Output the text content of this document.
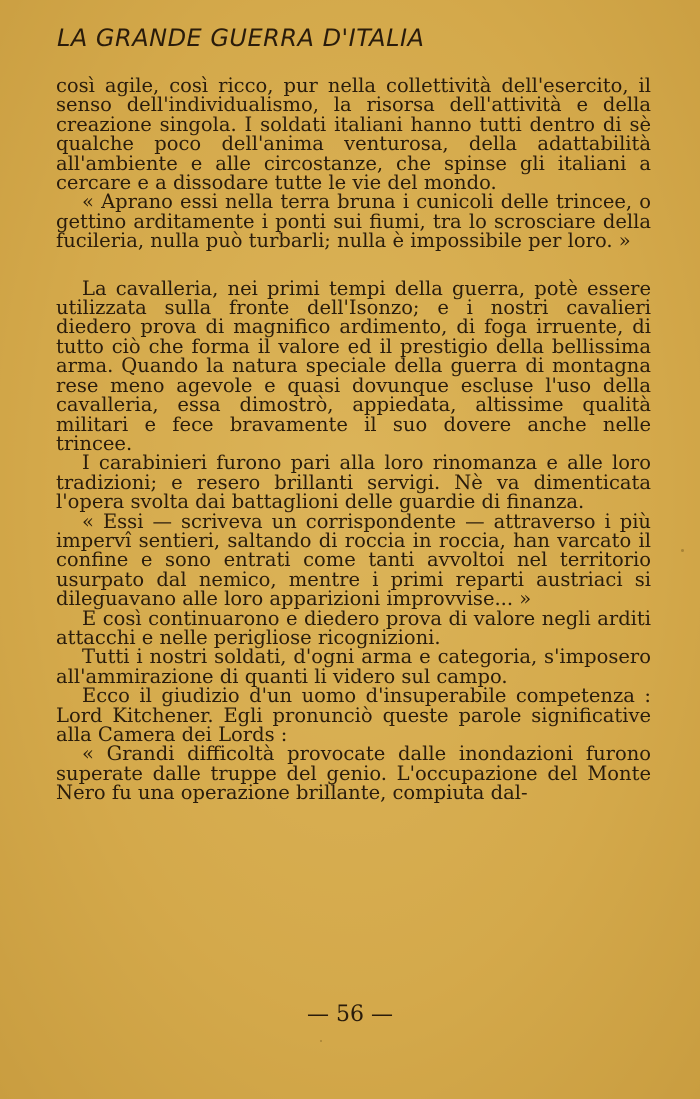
LA GRANDE GUERRA D'ITALIA

così agile, così ricco, pur nella collettività dell'esercito, il senso dell'individualismo, la risorsa dell'attività e della creazione singola. I soldati italiani hanno tutti dentro di sè qualche poco dell'anima venturosa, della adattabilità all'ambiente e alle circostanze, che spinse gli italiani a cercare e a dissodare tutte le vie del mondo.

« Aprano essi nella terra bruna i cunicoli delle trincee, o gettino arditamente i ponti sui fiumi, tra lo scrosciare della fucileria, nulla può turbarli; nulla è impossibile per loro. »

La cavalleria, nei primi tempi della guerra, potè essere utilizzata sulla fronte dell'Isonzo; e i nostri cavalieri diedero prova di magnifico ardimento, di foga irruente, di tutto ciò che forma il valore ed il prestigio della bellissima arma. Quando la natura speciale della guerra di montagna rese meno agevole e quasi dovunque escluse l'uso della cavalleria, essa dimostrò, appiedata, altissime qualità militari e fece bravamente il suo dovere anche nelle trincee.

I carabinieri furono pari alla loro rinomanza e alle loro tradizioni; e resero brillanti servigi. Nè va dimenticata l'opera svolta dai battaglioni delle guardie di finanza.

« Essi — scriveva un corrispondente — attraverso i più impervî sentieri, saltando di roccia in roccia, han varcato il confine e sono entrati come tanti avvoltoi nel territorio usurpato dal nemico, mentre i primi reparti austriaci si dileguavano alle loro apparizioni improvvise... »

E così continuarono e diedero prova di valore negli arditi attacchi e nelle perigliose ricognizioni.

Tutti i nostri soldati, d'ogni arma e categoria, s'imposero all'ammirazione di quanti li videro sul campo.

Ecco il giudizio d'un uomo d'insuperabile competenza : Lord Kitchener. Egli pronunciò queste parole significative alla Camera dei Lords :

« Grandi difficoltà provocate dalle inondazioni furono superate dalle truppe del genio. L'occupazione del Monte Nero fu una operazione brillante, compiuta dal-

— 56 —
